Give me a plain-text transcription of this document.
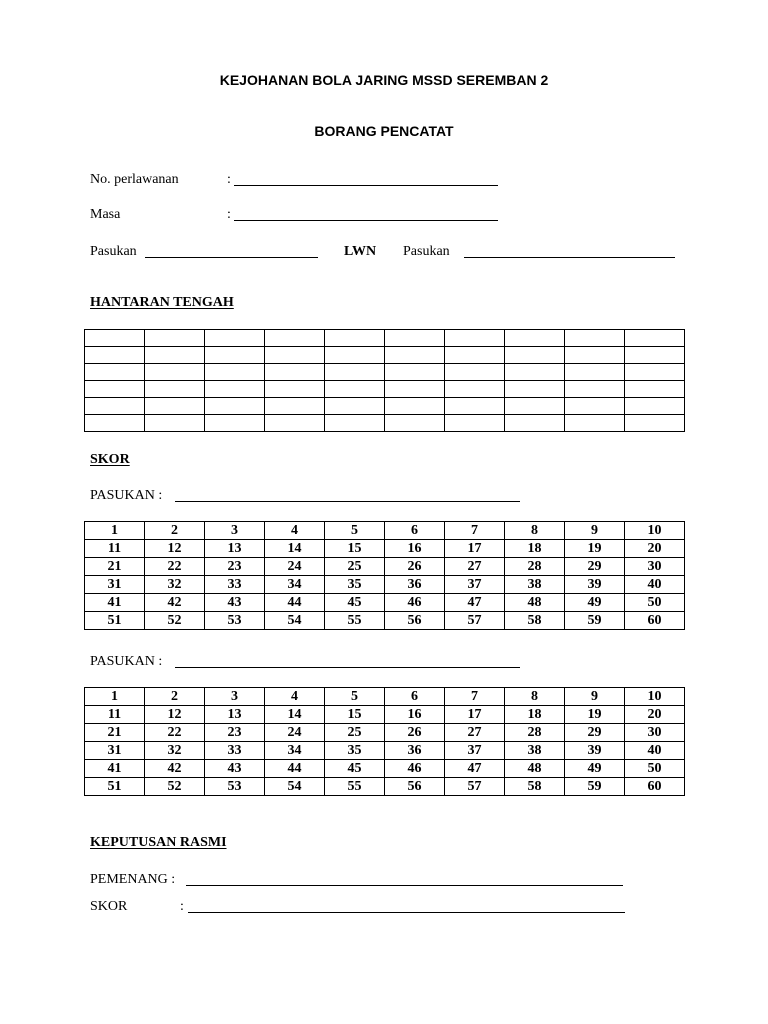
KEJOHANAN BOLA JARING MSSD SEREMBAN 2
BORANG PENCATAT
No. perlawanan	:
Masa	:
Pasukan	LWN Pasukan
HANTARAN TENGAH

SKOR
PASUKAN :
1	2	3	4	5	6	7	8	9	10
11	12	13	14	15	16	17	18	19	20
21	22	23	24	25	26	27	28	29	30
31	32	33	34	35	36	37	38	39	40
41	42	43	44	45	46	47	48	49	50
51	52	53	54	55	56	57	58	59	60
PASUKAN :
1	2	3	4	5	6	7	8	9	10
11	12	13	14	15	16	17	18	19	20
21	22	23	24	25	26	27	28	29	30
31	32	33	34	35	36	37	38	39	40
41	42	43	44	45	46	47	48	49	50
51	52	53	54	55	56	57	58	59	60
KEPUTUSAN RASMI
PEMENANG :
SKOR	:
